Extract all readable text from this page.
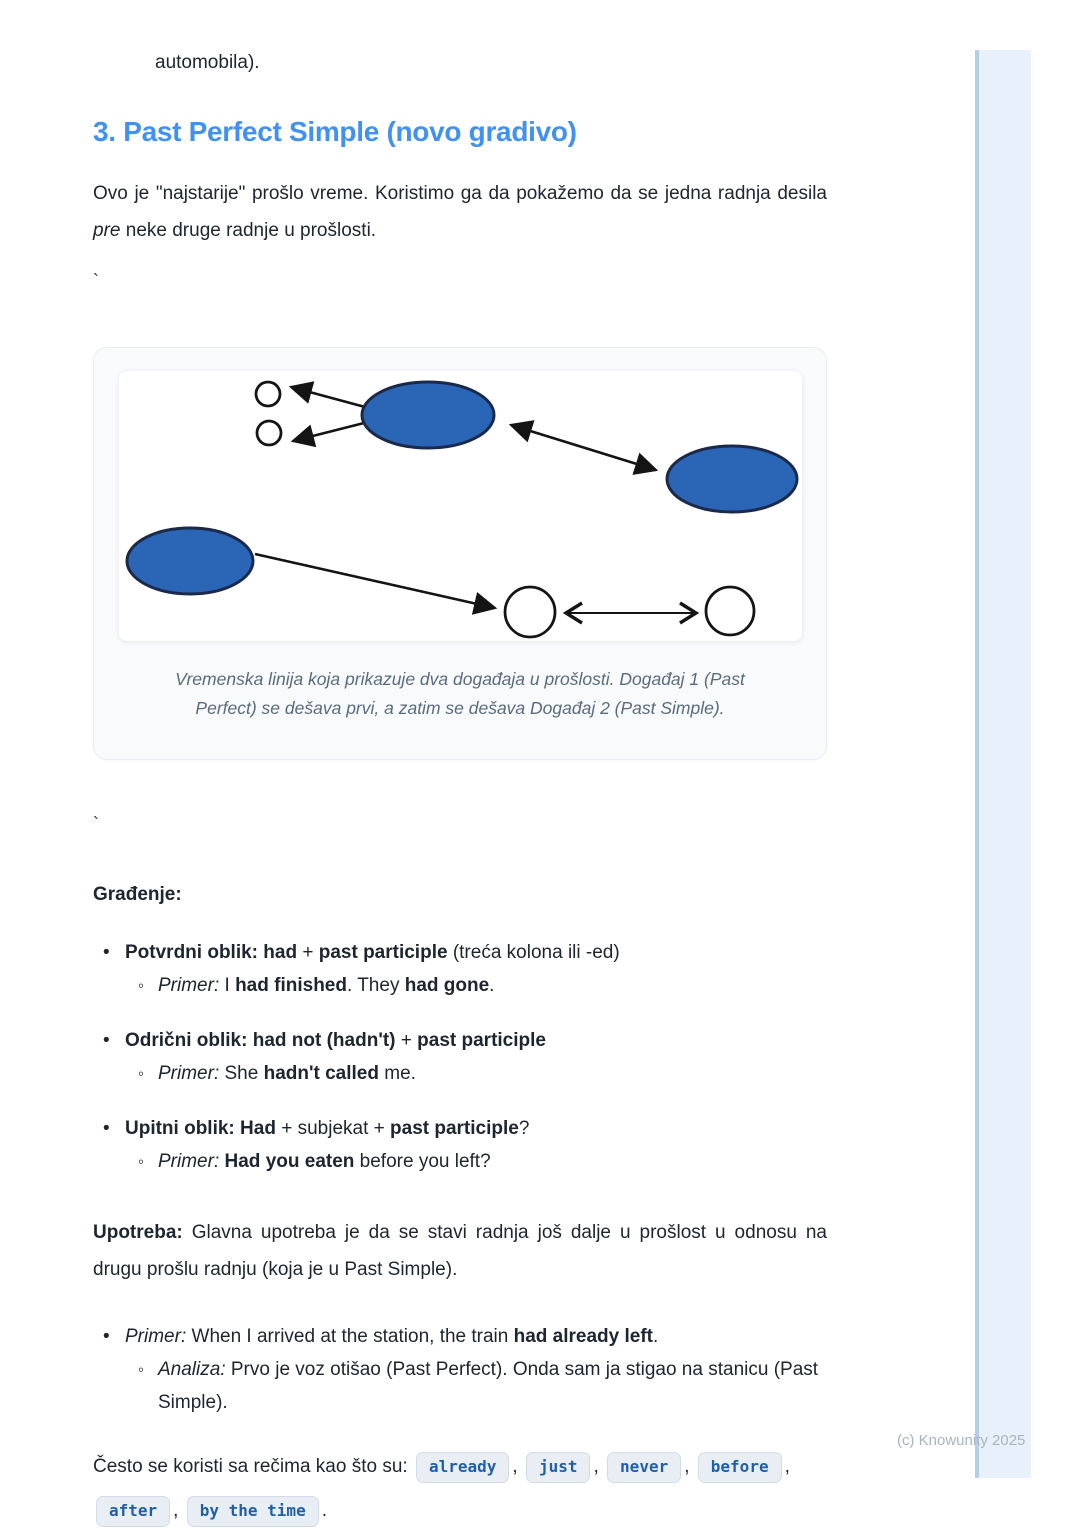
automobila).
3. Past Perfect Simple (novo gradivo)

Ovo je "najstarije" prošlo vreme. Koristimo ga da pokažemo da se jedna radnja desila pre neke druge radnje u prošlosti.

`
Vremenska linija koja prikazuje dva događaja u prošlosti. Događaj 1 (Past Perfect) se dešava prvi, a zatim se dešava Događaj 2 (Past Simple).
`

Građenje:

• Potvrdni oblik: had + past participle (treća kolona ili -ed)
◦ Primer: I had finished. They had gone.
• Odrični oblik: had not (hadn't) + past participle
◦ Primer: She hadn't called me.
• Upitni oblik: Had + subjekat + past participle?
◦ Primer: Had you eaten before you left?

Upotreba: Glavna upotreba je da se stavi radnja još dalje u prošlost u odnosu na drugu prošlu radnju (koja je u Past Simple).

• Primer: When I arrived at the station, the train had already left.
◦ Analiza: Prvo je voz otišao (Past Perfect). Onda sam ja stigao na stanicu (Past Simple).

Često se koristi sa rečima kao što su: already , just , never , before , after , by the time .

(c) Knowunity 2025
